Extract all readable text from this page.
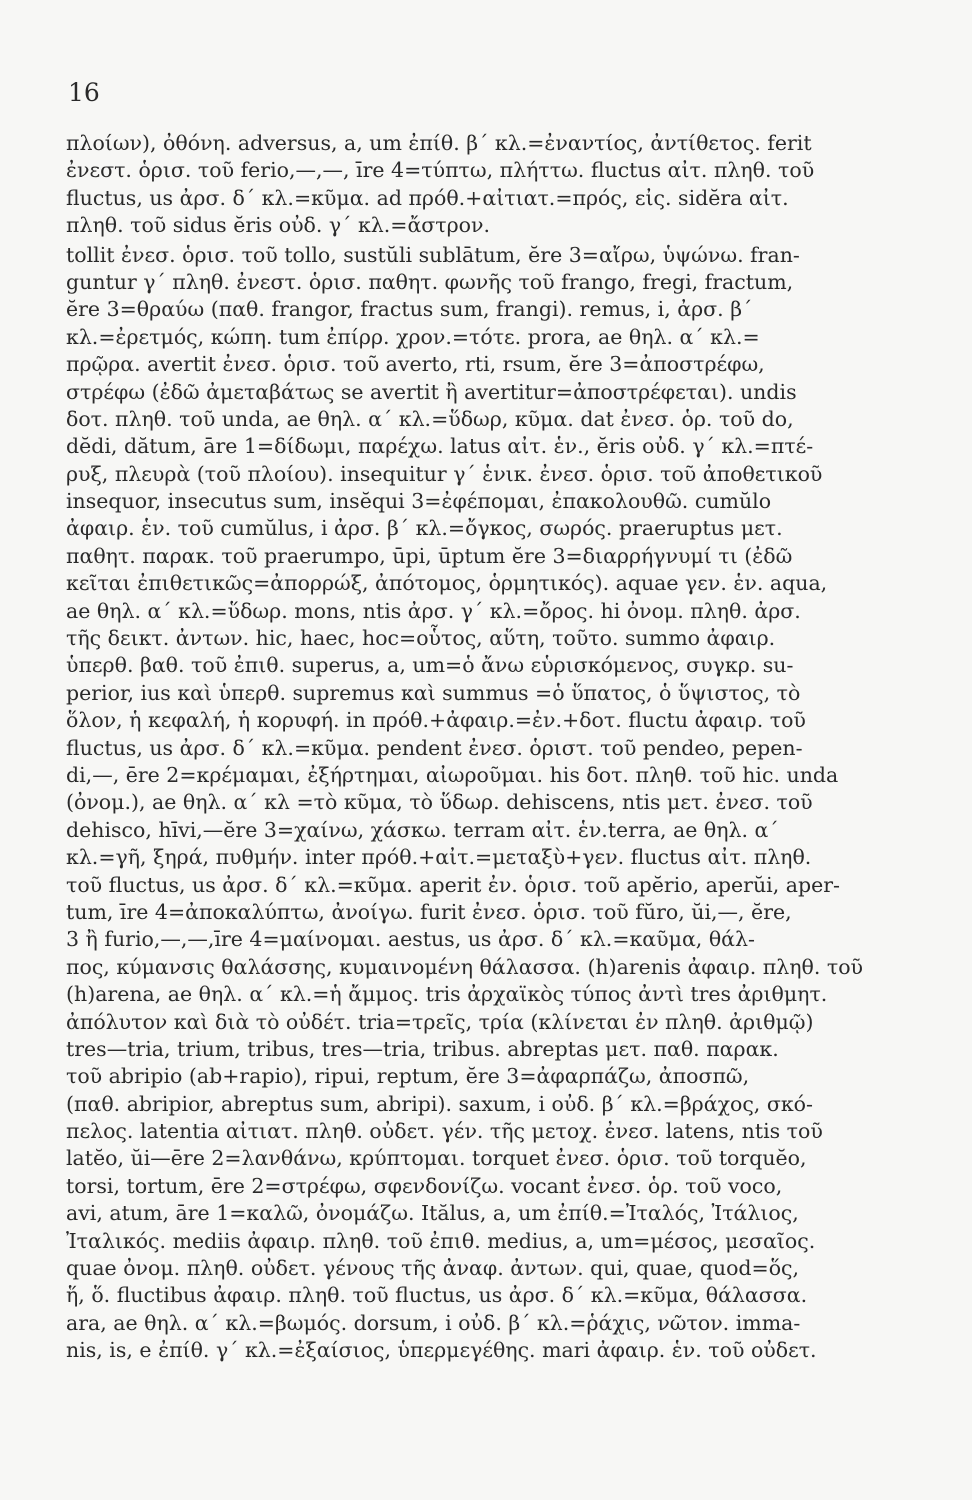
16
πλοίων), ὀθόνη. adversus, a, um ἐπίθ. β΄ κλ.=ἐναντίος, ἀντίθετος. ferit
ἐνεστ. ὁρισ. τοῦ ferio,—,—, īre 4=τύπτω, πλήττω. fluctus αἰτ. πληθ. τοῦ
fluctus, us ἀρσ. δ΄ κλ.=κῦμα. ad πρόθ.+αἰτιατ.=πρός, εἰς. sidĕra αἰτ.
πληθ. τοῦ sidus ĕris οὐδ. γ΄ κλ.=ἄστρον.
tollit ἐνεσ. ὁρισ. τοῦ tollo, sustŭli sublātum, ĕre 3=αἴρω, ὑψώνω. fran-
guntur γ΄ πληθ. ἐνεστ. ὁρισ. παθητ. φωνῆς τοῦ frango, fregi, fractum,
ĕre 3=θραύω (παθ. frangor, fractus sum, frangi). remus, i, ἀρσ. β΄
κλ.=ἐρετμός, κώπη. tum ἐπίρρ. χρον.=τότε. prora, ae θηλ. α΄ κλ.=
πρῷρα. avertit ἐνεσ. ὁρισ. τοῦ averto, rti, rsum, ĕre 3=ἀποστρέφω,
στρέφω (ἐδῶ ἀμεταβάτως se avertit ἢ avertitur=ἀποστρέφεται). undis
δοτ. πληθ. τοῦ unda, ae θηλ. α΄ κλ.=ὕδωρ, κῦμα. dat ἐνεσ. ὁρ. τοῦ do,
dĕdi, dătum, āre 1=δίδωμι, παρέχω. latus αἰτ. ἑν., ĕris οὐδ. γ΄ κλ.=πτέ-
ρυξ, πλευρὰ (τοῦ πλοίου). insequitur γ΄ ἑνικ. ἐνεσ. ὁρισ. τοῦ ἀποθετικοῦ
insequor, insecutus sum, insĕqui 3=ἐφέπομαι, ἐπακολουθῶ. cumŭlo
ἀφαιρ. ἑν. τοῦ cumŭlus, i ἀρσ. β΄ κλ.=ὄγκος, σωρός. praeruptus μετ.
παθητ. παρακ. τοῦ praerumpo, ūpi, ūptum ĕre 3=διαρρήγνυμί τι (ἐδῶ
κεῖται ἐπιθετικῶς=ἀπορρώξ, ἀπότομος, ὁρμητικός). aquae γεν. ἑν. aqua,
ae θηλ. α΄ κλ.=ὕδωρ. mons, ntis ἀρσ. γ΄ κλ.=ὄρος. hi ὀνομ. πληθ. ἀρσ.
τῆς δεικτ. ἀντων. hic, haec, hoc=οὗτος, αὕτη, τοῦτο. summo ἀφαιρ.
ὑπερθ. βαθ. τοῦ ἐπιθ. superus, a, um=ὁ ἄνω εὑρισκόμενος, συγκρ. su-
perior, ius καὶ ὑπερθ. supremus καὶ summus =ὁ ὕπατος, ὁ ὕψιστος, τὸ
ὅλον, ἡ κεφαλή, ἡ κορυφή. in πρόθ.+ἀφαιρ.=ἐν.+δοτ. fluctu ἀφαιρ. τοῦ
fluctus, us ἀρσ. δ΄ κλ.=κῦμα. pendent ἐνεσ. ὁριστ. τοῦ pendeo, pepen-
di,—, ēre 2=κρέμαμαι, ἐξήρτημαι, αἰωροῦμαι. his δοτ. πληθ. τοῦ hic. unda
(ὀνομ.), ae θηλ. α΄ κλ =τὸ κῦμα, τὸ ὕδωρ. dehiscens, ntis μετ. ἐνεσ. τοῦ
dehisco, hīvi,—ĕre 3=χαίνω, χάσκω. terram αἰτ. ἑν.terra, ae θηλ. α΄
κλ.=γῆ, ξηρά, πυθμήν. inter πρόθ.+αἰτ.=μεταξὺ+γεν. fluctus αἰτ. πληθ.
τοῦ fluctus, us ἀρσ. δ΄ κλ.=κῦμα. aperit ἐν. ὁρισ. τοῦ apĕrio, aperŭi, aper-
tum, īre 4=ἀποκαλύπτω, ἀνοίγω. furit ἐνεσ. ὁρισ. τοῦ fŭro, ŭi,—, ĕre,
3 ἢ furio,—,—,īre 4=μαίνομαι. aestus, us ἀρσ. δ΄ κλ.=καῦμα, θάλ-
πος, κύμανσις θαλάσσης, κυμαινομένη θάλασσα. (h)arenis ἀφαιρ. πληθ. τοῦ
(h)arena, ae θηλ. α΄ κλ.=ἡ ἄμμος. tris ἀρχαϊκὸς τύπος ἀντὶ tres ἀριθμητ.
ἀπόλυτον καὶ διὰ τὸ οὐδέτ. tria=τρεῖς, τρία (κλίνεται ἐν πληθ. ἀριθμῷ)
tres—tria, trium, tribus, tres—tria, tribus. abreptas μετ. παθ. παρακ.
τοῦ abripio (ab+rapio), ripui, reptum, ĕre 3=ἀφαρπάζω, ἀποσπῶ,
(παθ. abripior, abreptus sum, abripi). saxum, i οὐδ. β΄ κλ.=βράχος, σκό-
πελος. latentia αἰτιατ. πληθ. οὐδετ. γέν. τῆς μετοχ. ἐνεσ. latens, ntis τοῦ
latĕo, ŭi—ēre 2=λανθάνω, κρύπτομαι. torquet ἐνεσ. ὁρισ. τοῦ torquĕo,
torsi, tortum, ēre 2=στρέφω, σφενδονίζω. vocant ἐνεσ. ὁρ. τοῦ voco,
avi, atum, āre 1=καλῶ, ὀνομάζω. Itălus, a, um ἐπίθ.=Ἰταλός, Ἰτάλιος,
Ἰταλικός. mediis ἀφαιρ. πληθ. τοῦ ἐπιθ. medius, a, um=μέσος, μεσαῖος.
quae ὀνομ. πληθ. οὐδετ. γένους τῆς ἀναφ. ἀντων. qui, quae, quod=ὅς,
ἥ, ὅ. fluctibus ἀφαιρ. πληθ. τοῦ fluctus, us ἀρσ. δ΄ κλ.=κῦμα, θάλασσα.
ara, ae θηλ. α΄ κλ.=βωμός. dorsum, i οὐδ. β΄ κλ.=ῥάχις, νῶτον. imma-
nis, is, e ἐπίθ. γ΄ κλ.=ἐξαίσιος, ὑπερμεγέθης. mari ἀφαιρ. ἑν. τοῦ οὐδετ.
